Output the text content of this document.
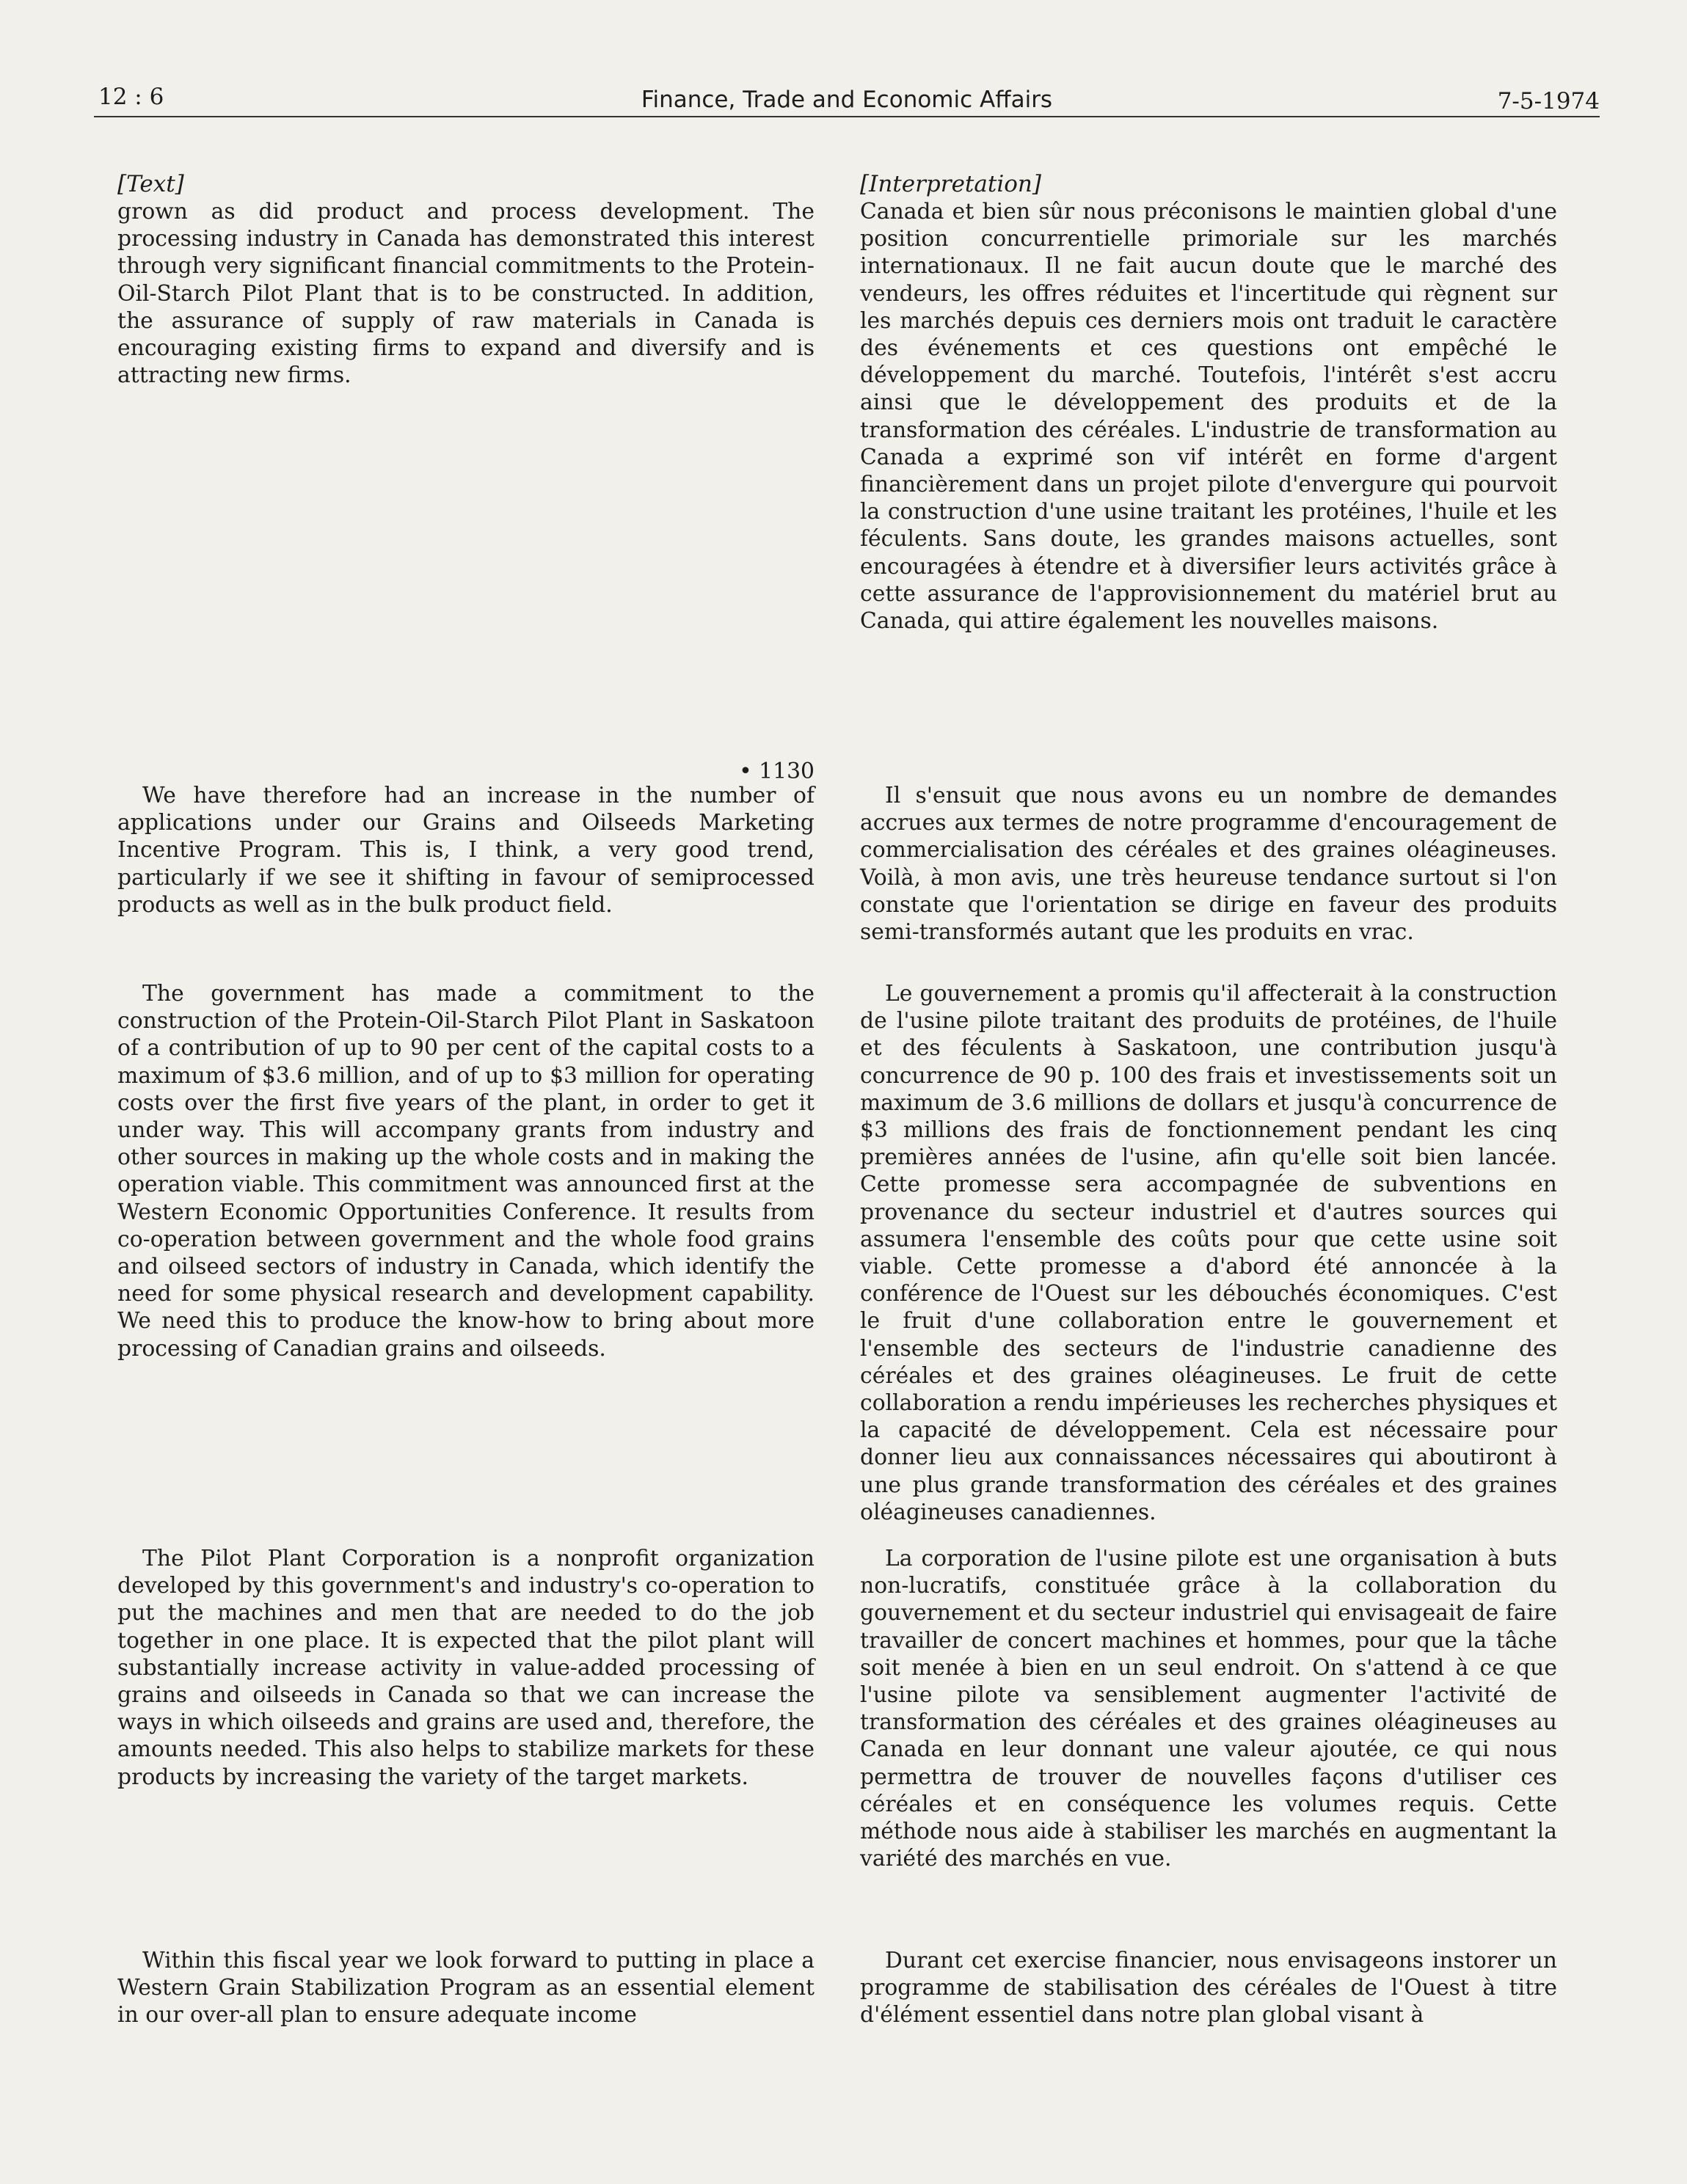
12 : 6	Finance, Trade and Economic Affairs	7-5-1974

[Text]

grown as did product and process development. The processing industry in Canada has demonstrated this interest through very significant financial commitments to the Protein-Oil-Starch Pilot Plant that is to be constructed. In addition, the assurance of supply of raw materials in Canada is encouraging existing firms to expand and diversify and is attracting new firms.

• 1130

We have therefore had an increase in the number of applications under our Grains and Oilseeds Marketing Incentive Program. This is, I think, a very good trend, particularly if we see it shifting in favour of semiprocessed products as well as in the bulk product field.

The government has made a commitment to the construction of the Protein-Oil-Starch Pilot Plant in Saskatoon of a contribution of up to 90 per cent of the capital costs to a maximum of $3.6 million, and of up to $3 million for operating costs over the first five years of the plant, in order to get it under way. This will accompany grants from industry and other sources in making up the whole costs and in making the operation viable. This commitment was announced first at the Western Economic Opportunities Conference. It results from co-operation between government and the whole food grains and oilseed sectors of industry in Canada, which identify the need for some physical research and development capability. We need this to produce the know-how to bring about more processing of Canadian grains and oilseeds.

The Pilot Plant Corporation is a nonprofit organization developed by this government's and industry's co-operation to put the machines and men that are needed to do the job together in one place. It is expected that the pilot plant will substantially increase activity in value-added processing of grains and oilseeds in Canada so that we can increase the ways in which oilseeds and grains are used and, therefore, the amounts needed. This also helps to stabilize markets for these products by increasing the variety of the target markets.

Within this fiscal year we look forward to putting in place a Western Grain Stabilization Program as an essential element in our over-all plan to ensure adequate income

[Interpretation]

Canada et bien sûr nous préconisons le maintien global d'une position concurrentielle primoriale sur les marchés internationaux. Il ne fait aucun doute que le marché des vendeurs, les offres réduites et l'incertitude qui règnent sur les marchés depuis ces derniers mois ont traduit le caractère des événements et ces questions ont empêché le développement du marché. Toutefois, l'intérêt s'est accru ainsi que le développement des produits et de la transformation des céréales. L'industrie de transformation au Canada a exprimé son vif intérêt en forme d'argent financièrement dans un projet pilote d'envergure qui pourvoit la construction d'une usine traitant les protéines, l'huile et les féculents. Sans doute, les grandes maisons actuelles, sont encouragées à étendre et à diversifier leurs activités grâce à cette assurance de l'approvisionnement du matériel brut au Canada, qui attire également les nouvelles maisons.

Il s'ensuit que nous avons eu un nombre de demandes accrues aux termes de notre programme d'encouragement de commercialisation des céréales et des graines oléagineuses. Voilà, à mon avis, une très heureuse tendance surtout si l'on constate que l'orientation se dirige en faveur des produits semi-transformés autant que les produits en vrac.

Le gouvernement a promis qu'il affecterait à la construction de l'usine pilote traitant des produits de protéines, de l'huile et des féculents à Saskatoon, une contribution jusqu'à concurrence de 90 p. 100 des frais et investissements soit un maximum de 3.6 millions de dollars et jusqu'à concurrence de $3 millions des frais de fonctionnement pendant les cinq premières années de l'usine, afin qu'elle soit bien lancée. Cette promesse sera accompagnée de subventions en provenance du secteur industriel et d'autres sources qui assumera l'ensemble des coûts pour que cette usine soit viable. Cette promesse a d'abord été annoncée à la conférence de l'Ouest sur les débouchés économiques. C'est le fruit d'une collaboration entre le gouvernement et l'ensemble des secteurs de l'industrie canadienne des céréales et des graines oléagineuses. Le fruit de cette collaboration a rendu impérieuses les recherches physiques et la capacité de développement. Cela est nécessaire pour donner lieu aux connaissances nécessaires qui aboutiront à une plus grande transformation des céréales et des graines oléagineuses canadiennes.

La corporation de l'usine pilote est une organisation à buts non-lucratifs, constituée grâce à la collaboration du gouvernement et du secteur industriel qui envisageait de faire travailler de concert machines et hommes, pour que la tâche soit menée à bien en un seul endroit. On s'attend à ce que l'usine pilote va sensiblement augmenter l'activité de transformation des céréales et des graines oléagineuses au Canada en leur donnant une valeur ajoutée, ce qui nous permettra de trouver de nouvelles façons d'utiliser ces céréales et en conséquence les volumes requis. Cette méthode nous aide à stabiliser les marchés en augmentant la variété des marchés en vue.

Durant cet exercise financier, nous envisageons instorer un programme de stabilisation des céréales de l'Ouest à titre d'élément essentiel dans notre plan global visant à
